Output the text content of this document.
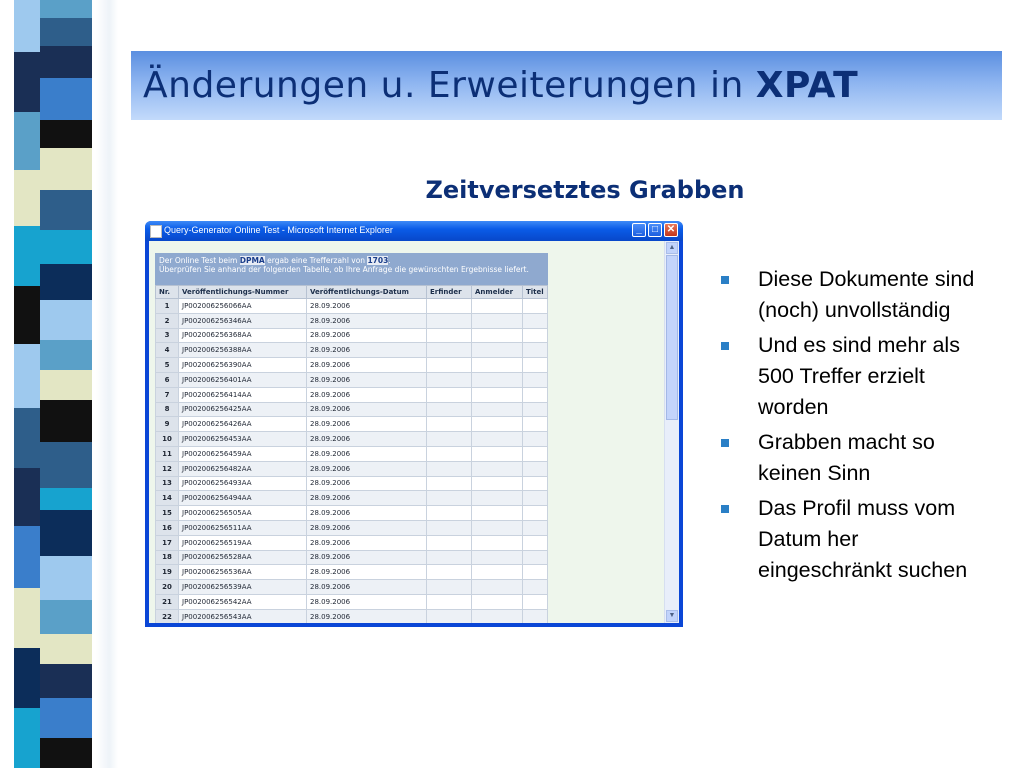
Änderungen u. Erweiterungen in XPAT
Zeitversetztes Grabben
Query-Generator Online Test - Microsoft Internet Explorer	_	□ ✕
Der Online Test beim DPMA ergab eine Trefferzahl von 1703.
Überprüfen Sie anhand der folgenden Tabelle, ob Ihre Anfrage die gewünschten Ergebnisse liefert.
Nr.	Veröffentlichungs-Nummer	Veröffentlichungs-Datum	Erfinder	Anmelder	Titel
1	JP002006256066AA	28.09.2006			
2	JP002006256346AA	28.09.2006			
3	JP002006256368AA	28.09.2006			
4	JP002006256388AA	28.09.2006			
5	JP002006256390AA	28.09.2006			
6	JP002006256401AA	28.09.2006			
7	JP002006256414AA	28.09.2006			
8	JP002006256425AA	28.09.2006			
9	JP002006256426AA	28.09.2006			
10	JP002006256453AA	28.09.2006			
11	JP002006256459AA	28.09.2006			
12	JP002006256482AA	28.09.2006			
13	JP002006256493AA	28.09.2006			
14	JP002006256494AA	28.09.2006			
15	JP002006256505AA	28.09.2006			
16	JP002006256511AA	28.09.2006			
17	JP002006256519AA	28.09.2006			
18	JP002006256528AA	28.09.2006			
19	JP002006256536AA	28.09.2006			
20	JP002006256539AA	28.09.2006			
21	JP002006256542AA	28.09.2006			
22	JP002006256543AA	28.09.2006			
▲
▼
Diese Dokumente sind (noch) unvollständig
Und es sind mehr als 500 Treffer erzielt worden
Grabben macht so keinen Sinn
Das Profil muss vom Datum her eingeschränkt suchen
